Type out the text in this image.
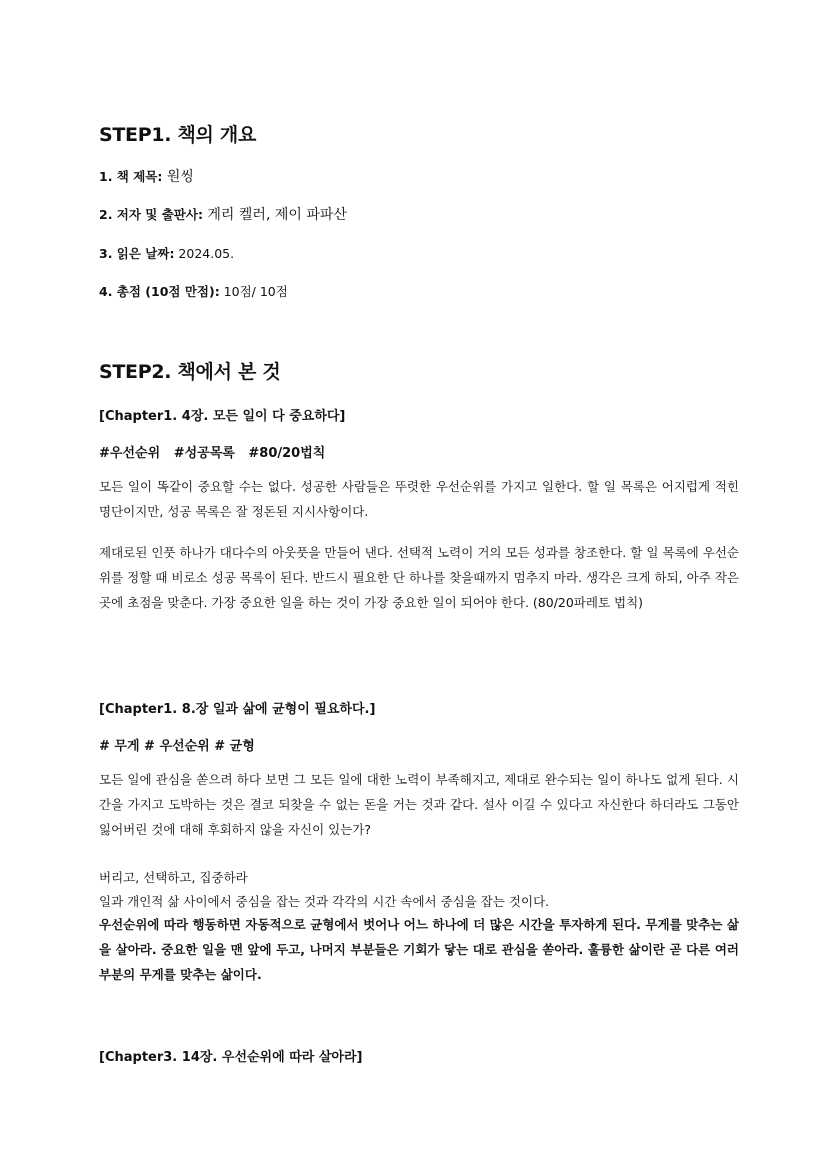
STEP1. 책의 개요
1. 책 제목: 원씽
2. 저자 및 출판사: 게리 켈러, 제이 파파산
3. 읽은 날짜: 2024.05.
4. 총점 (10점 만점): 10점/ 10점
STEP2. 책에서 본 것
[Chapter1. 4장. 모든 일이 다 중요하다]
#우선순위   #성공목록   #80/20법칙

모든 일이 똑같이 중요할 수는 없다. 성공한 사람들은 뚜렷한 우선순위를 가지고 일한다. 할 일 목록은 어지럽게 적힌 명단이지만, 성공 목록은 잘 정돈된 지시사항이다.

제대로된 인풋 하나가 대다수의 아웃풋을 만들어 낸다. 선택적 노력이 거의 모든 성과를 창조한다. 할 일 목록에 우선순위를 정할 때 비로소 성공 목록이 된다. 반드시 필요한 단 하나를 찾을때까지 멈추지 마라. 생각은 크게 하되, 아주 작은 곳에 초점을 맞춘다. 가장 중요한 일을 하는 것이 가장 중요한 일이 되어야 한다. (80/20파레토 법칙)

[Chapter1. 8.장 일과 삶에 균형이 필요하다.]
# 무게 # 우선순위 # 균형

모든 일에 관심을 쏟으려 하다 보면 그 모든 일에 대한 노력이 부족해지고, 제대로 완수되는 일이 하나도 없게 된다. 시간을 가지고 도박하는 것은 결코 되찾을 수 없는 돈을 거는 것과 같다. 설사 이길 수 있다고 자신한다 하더라도 그동안 잃어버린 것에 대해 후회하지 않을 자신이 있는가?

버리고, 선택하고, 집중하라
일과 개인적 삶 사이에서 중심을 잡는 것과 각각의 시간 속에서 중심을 잡는 것이다.

우선순위에 따라 행동하면 자동적으로 균형에서 벗어나 어느 하나에 더 많은 시간을 투자하게 된다. 무게를 맞추는 삶을 살아라. 중요한 일을 맨 앞에 두고, 나머지 부분들은 기회가 닿는 대로 관심을 쏟아라. 훌륭한 삶이란 곧 다른 여러 부분의 무게를 맞추는 삶이다.

[Chapter3. 14장. 우선순위에 따라 살아라]
